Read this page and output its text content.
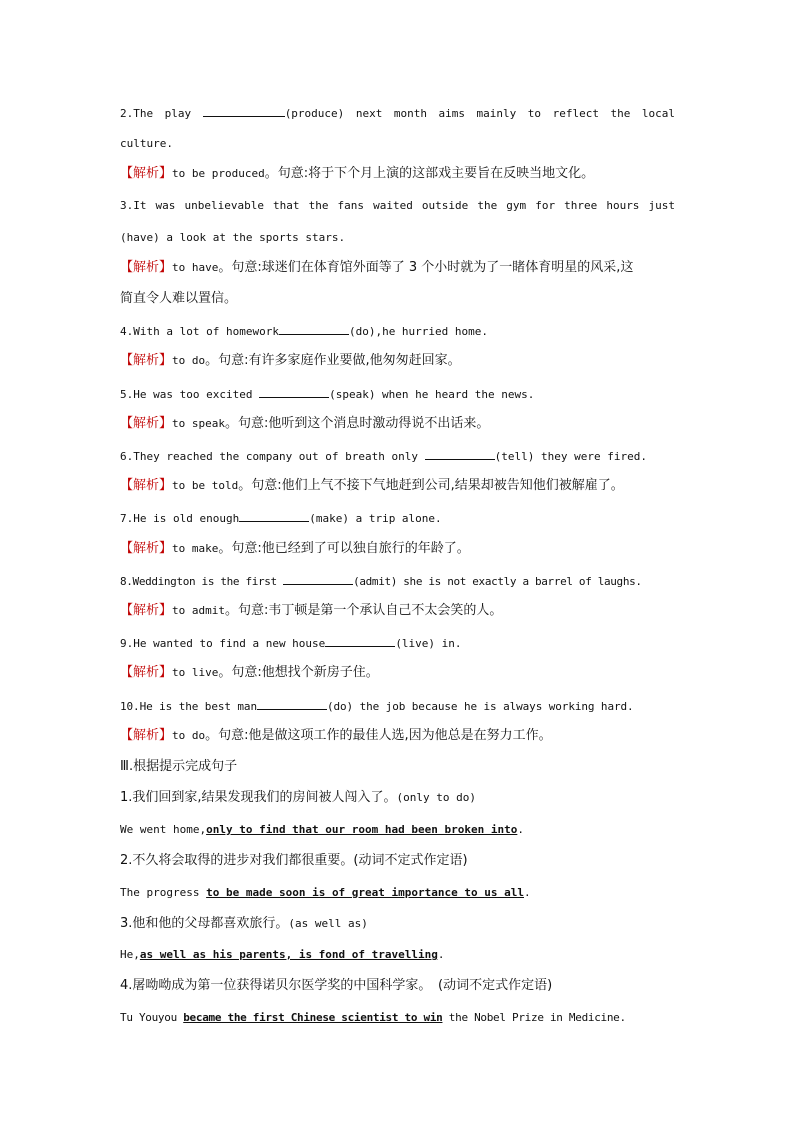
2.The play	(produce) next month aims mainly to reflect the local
culture.
【解析】to be produced。句意:将于下个月上演的这部戏主要旨在反映当地文化。
3.It was unbelievable that the fans waited outside the gym for three hours just
(have) a look at the sports stars.
【解析】to have。句意:球迷们在体育馆外面等了 3 个小时就为了一睹体育明星的风采,这
简直令人难以置信。
4.With a lot of homework	(do),he hurried home.
【解析】to do。句意:有许多家庭作业要做,他匆匆赶回家。
5.He was too excited	(speak) when he heard the news.
【解析】to speak。句意:他听到这个消息时激动得说不出话来。
6.They reached the company out of breath only	(tell) they were fired.
【解析】to be told。句意:他们上气不接下气地赶到公司,结果却被告知他们被解雇了。
7.He is old enough	(make) a trip alone.
【解析】to make。句意:他已经到了可以独自旅行的年龄了。
8.Weddington is the first	(admit) she is not exactly a barrel of laughs.
【解析】to admit。句意:韦丁顿是第一个承认自己不太会笑的人。
9.He wanted to find a new house	(live) in.
【解析】to live。句意:他想找个新房子住。
10.He is the best man	(do) the job because he is always working hard.
【解析】to do。句意:他是做这项工作的最佳人选,因为他总是在努力工作。
Ⅲ.根据提示完成句子
1.我们回到家,结果发现我们的房间被人闯入了。(only to do)
We went home,only to find that our room had been broken into.
2.不久将会取得的进步对我们都很重要。(动词不定式作定语)
The progress to be made soon is of great importance to us all.
3.他和他的父母都喜欢旅行。(as well as)
He,as well as his parents, is fond of travelling.
4.屠呦呦成为第一位获得诺贝尔医学奖的中国科学家。 (动词不定式作定语)
Tu Youyou became the first Chinese scientist to win the Nobel Prize in Medicine.
